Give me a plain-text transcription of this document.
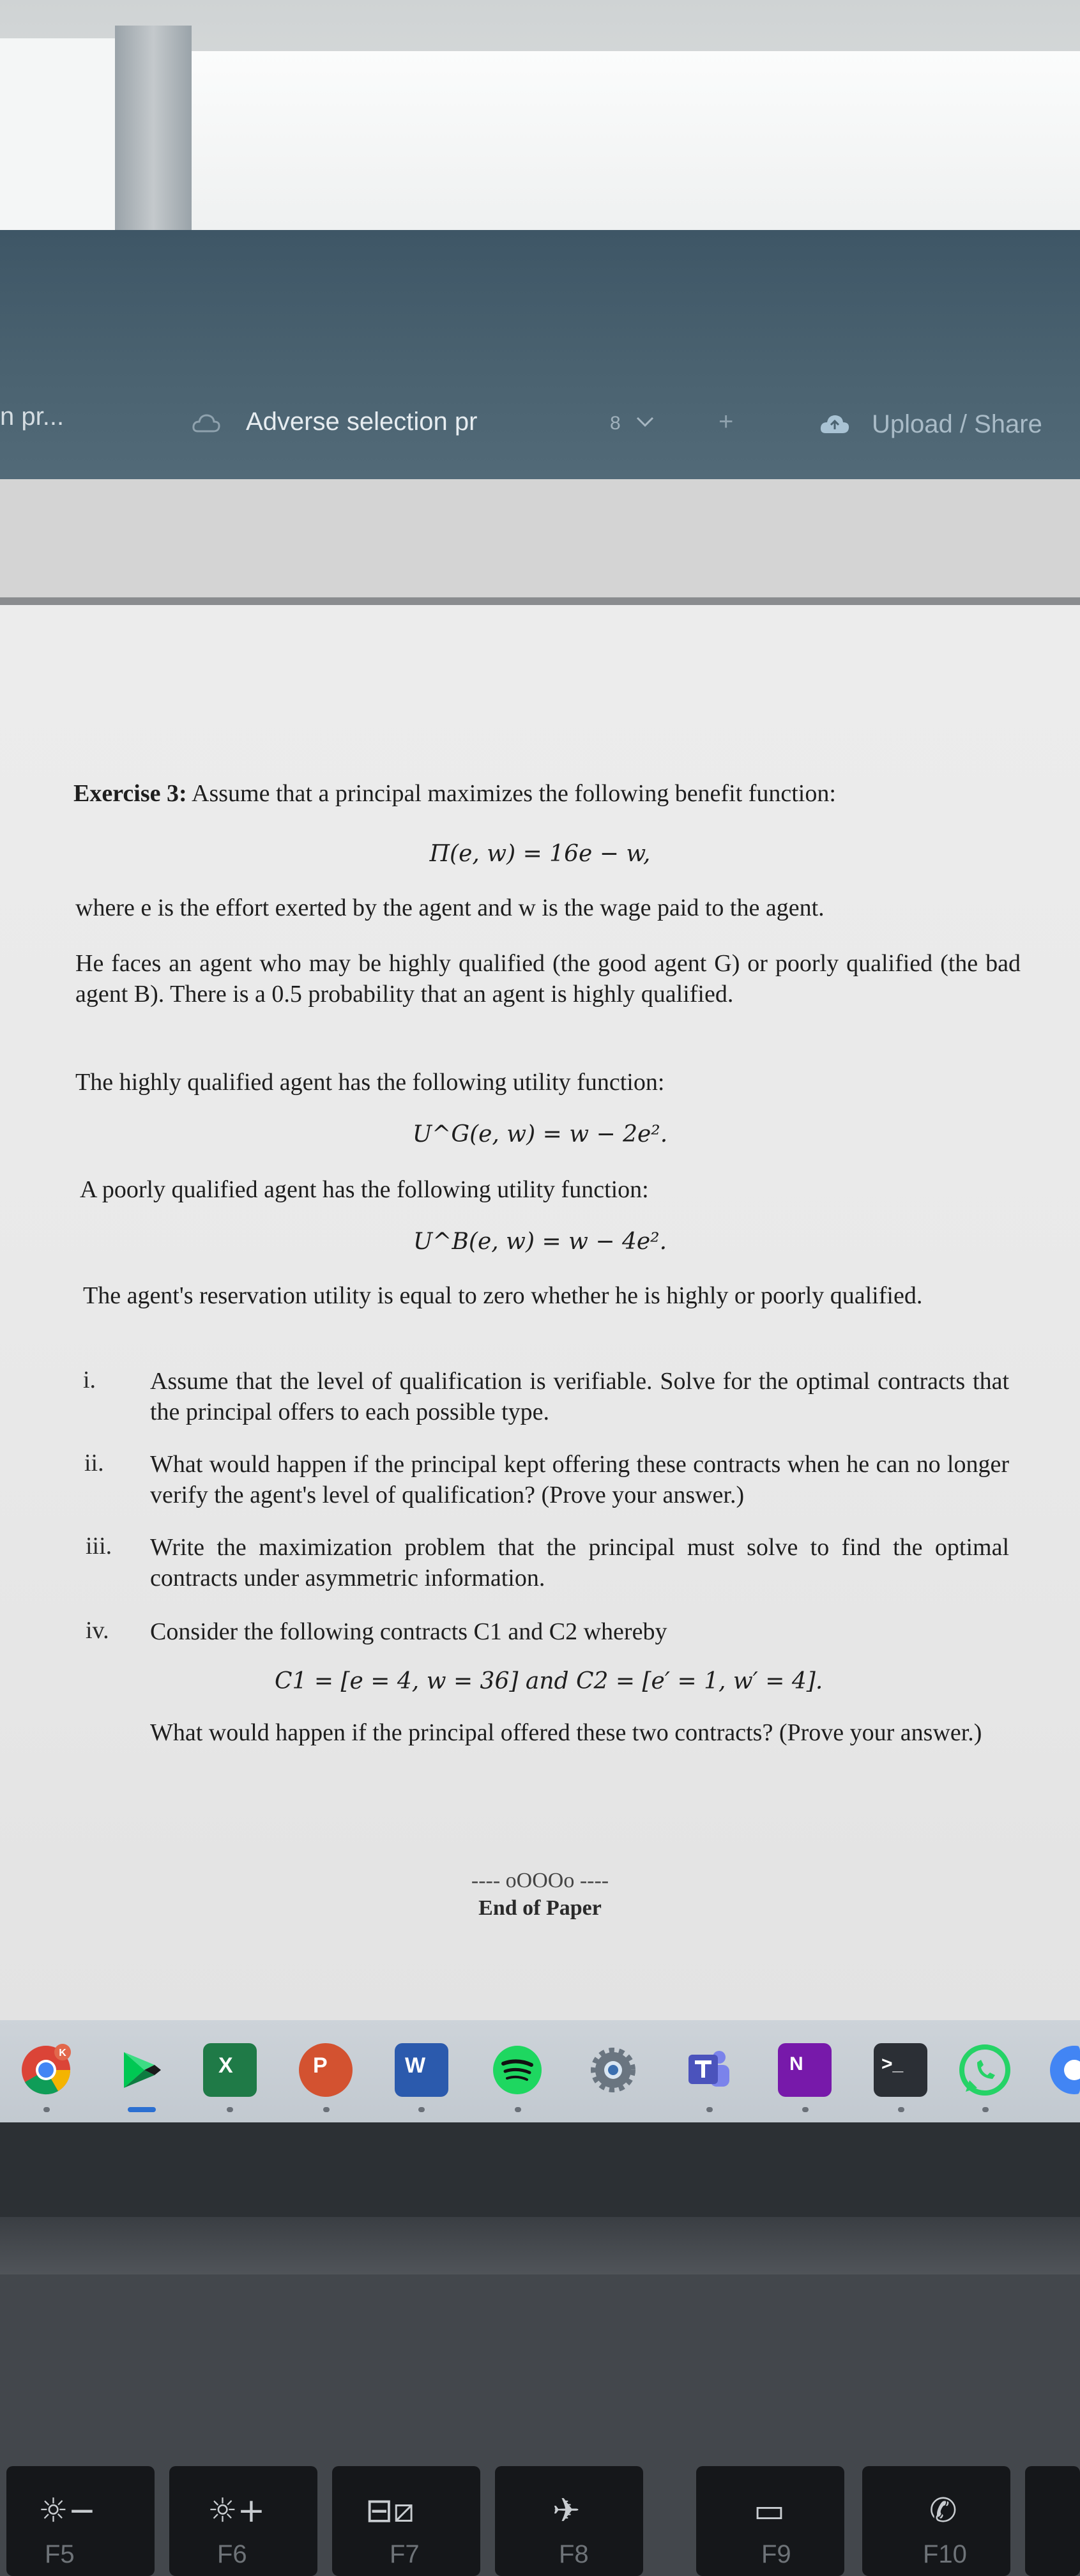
n pr...	Adverse selection pr	8	+	Upload / Share
Exercise 3: Assume that a principal maximizes the following benefit function:
Π(e, w) = 16e − w,
where e is the effort exerted by the agent and w is the wage paid to the agent.
He faces an agent who may be highly qualified (the good agent G) or poorly qualified (the bad agent B). There is a 0.5 probability that an agent is highly qualified.
The highly qualified agent has the following utility function:
U^G(e, w) = w − 2e².
A poorly qualified agent has the following utility function:
U^B(e, w) = w − 4e².
The agent's reservation utility is equal to zero whether he is highly or poorly qualified.
i. Assume that the level of qualification is verifiable. Solve for the optimal contracts that the principal offers to each possible type.
ii. What would happen if the principal kept offering these contracts when he can no longer verify the agent's level of qualification? (Prove your answer.)
iii. Write the maximization problem that the principal must solve to find the optimal contracts under asymmetric information.
iv. Consider the following contracts C1 and C2 whereby
C1 = [e = 4, w = 36] and C2 = [e′ = 1, w′ = 4].
What would happen if the principal offered these two contracts? (Prove your answer.)
---- oOOOo ----
End of Paper
K
X	P	W	N	>_
☼−
F5
☼+
F6
⊟⧄
F7
✈
F8
▭
F9
✆
F10
